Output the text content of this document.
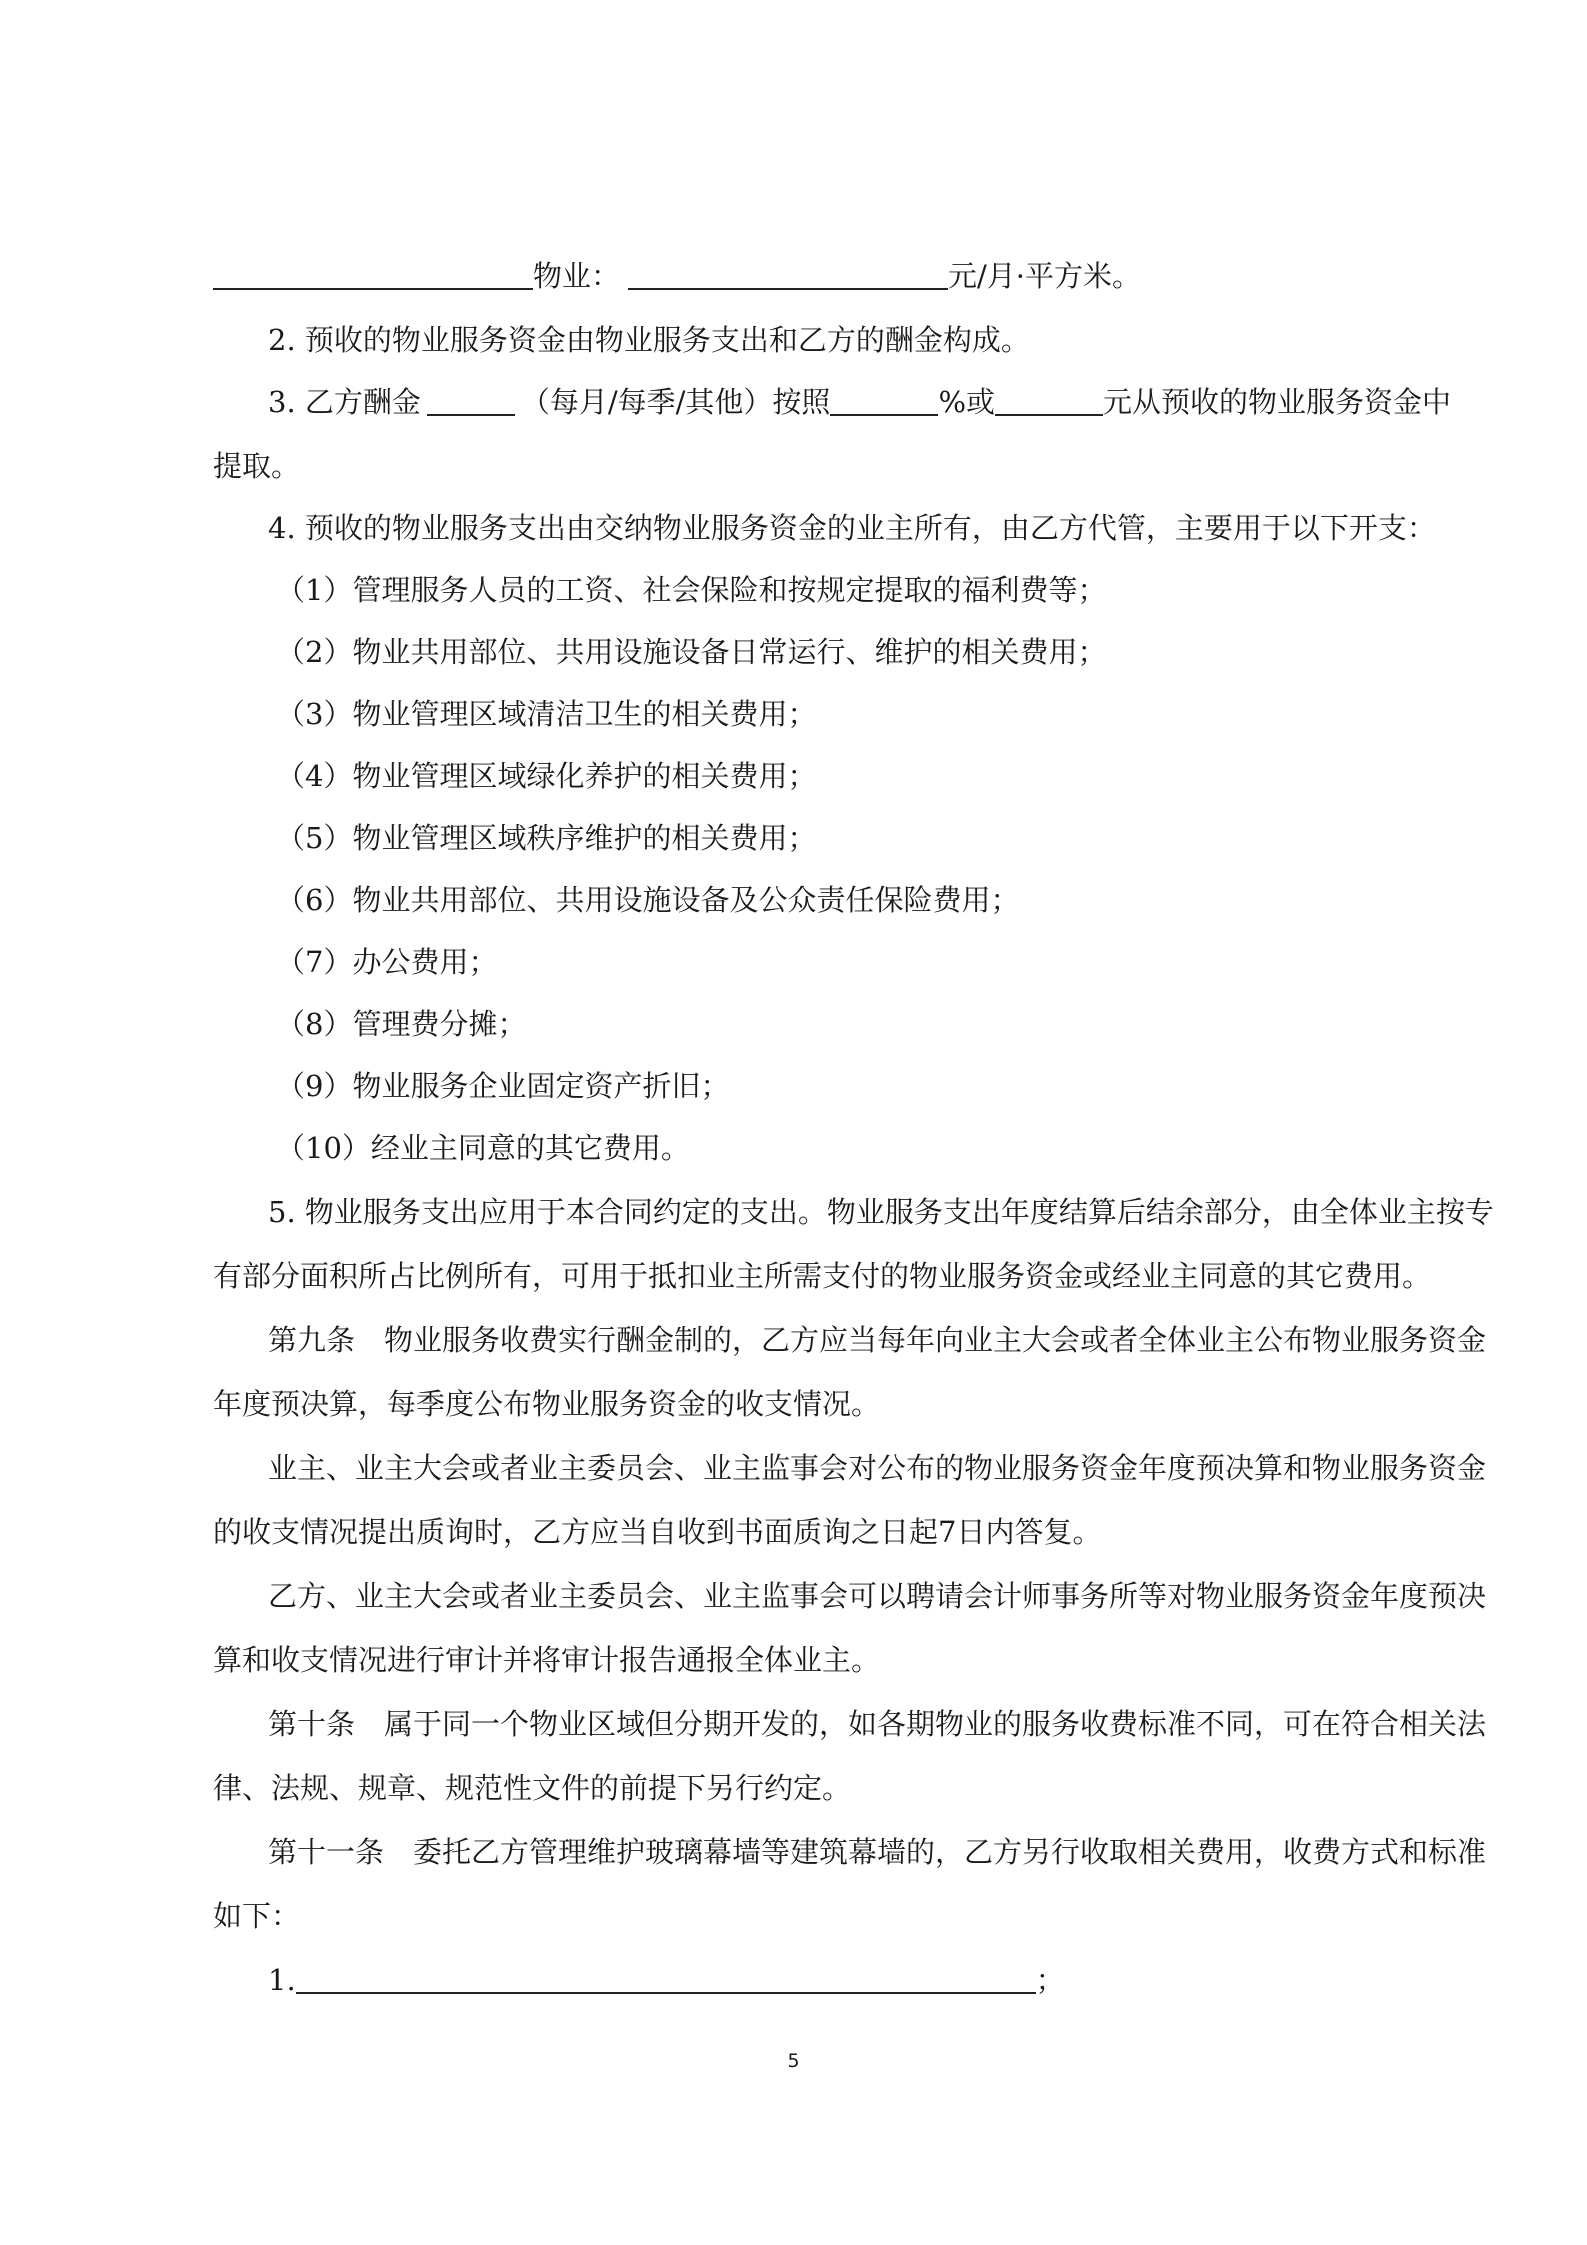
物业：	元/月·平方米。
2. 预收的物业服务资金由物业服务支出和乙方的酬金构成。
3. 乙方酬金	（每月/每季/其他）按照	%或	元从预收的物业服务资金中
提取。
4. 预收的物业服务支出由交纳物业服务资金的业主所有，由乙方代管，主要用于以下开支：
（1）管理服务人员的工资、社会保险和按规定提取的福利费等；
（2）物业共用部位、共用设施设备日常运行、维护的相关费用；
（3）物业管理区域清洁卫生的相关费用；
（4）物业管理区域绿化养护的相关费用；
（5）物业管理区域秩序维护的相关费用；
（6）物业共用部位、共用设施设备及公众责任保险费用；
（7）办公费用；
（8）管理费分摊；
（9）物业服务企业固定资产折旧；
（10）经业主同意的其它费用。
5. 物业服务支出应用于本合同约定的支出。物业服务支出年度结算后结余部分，由全体业主按专
有部分面积所占比例所有，可用于抵扣业主所需支付的物业服务资金或经业主同意的其它费用。
第九条　物业服务收费实行酬金制的，乙方应当每年向业主大会或者全体业主公布物业服务资金
年度预决算，每季度公布物业服务资金的收支情况。
业主、业主大会或者业主委员会、业主监事会对公布的物业服务资金年度预决算和物业服务资金
的收支情况提出质询时，乙方应当自收到书面质询之日起7日内答复。
乙方、业主大会或者业主委员会、业主监事会可以聘请会计师事务所等对物业服务资金年度预决
算和收支情况进行审计并将审计报告通报全体业主。
第十条　属于同一个物业区域但分期开发的，如各期物业的服务收费标准不同，可在符合相关法
律、法规、规章、规范性文件的前提下另行约定。
第十一条　委托乙方管理维护玻璃幕墙等建筑幕墙的，乙方另行收取相关费用，收费方式和标准
如下：
1.	；
5
